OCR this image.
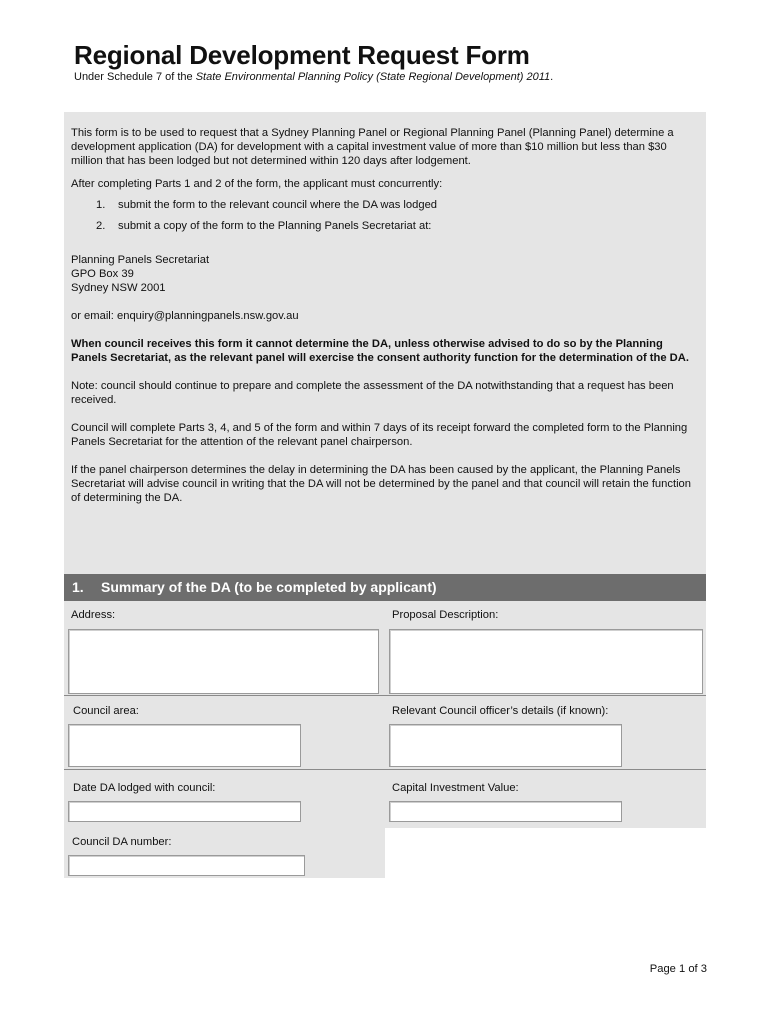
Regional Development Request Form
Under Schedule 7 of the State Environmental Planning Policy (State Regional Development) 2011.

This form is to be used to request that a Sydney Planning Panel or Regional Planning Panel (Planning Panel) determine a development application (DA) for development with a capital investment value of more than $10 million but less than $30 million that has been lodged but not determined within 120 days after lodgement.

After completing Parts 1 and 2 of the form, the applicant must concurrently:

1. submit the form to the relevant council where the DA was lodged
2. submit a copy of the form to the Planning Panels Secretariat at:

Planning Panels Secretariat

GPO Box 39

Sydney NSW 2001

or email: enquiry@planningpanels.nsw.gov.au

When council receives this form it cannot determine the DA, unless otherwise advised to do so by the Planning Panels Secretariat, as the relevant panel will exercise the consent authority function for the determination of the DA.

Note: council should continue to prepare and complete the assessment of the DA notwithstanding that a request has been received.

Council will complete Parts 3, 4, and 5 of the form and within 7 days of its receipt forward the completed form to the Planning Panels Secretariat for the attention of the relevant panel chairperson.

If the panel chairperson determines the delay in determining the DA has been caused by the applicant, the Planning Panels Secretariat will advise council in writing that the DA will not be determined by the panel and that council will retain the function of determining the DA.

1. Summary of the DA (to be completed by applicant)
Address:	Proposal Description:
Council area:	Relevant Council officer’s details (if known):
Date DA lodged with council:	Capital Investment Value:
Council DA number:
Page 1 of 3
